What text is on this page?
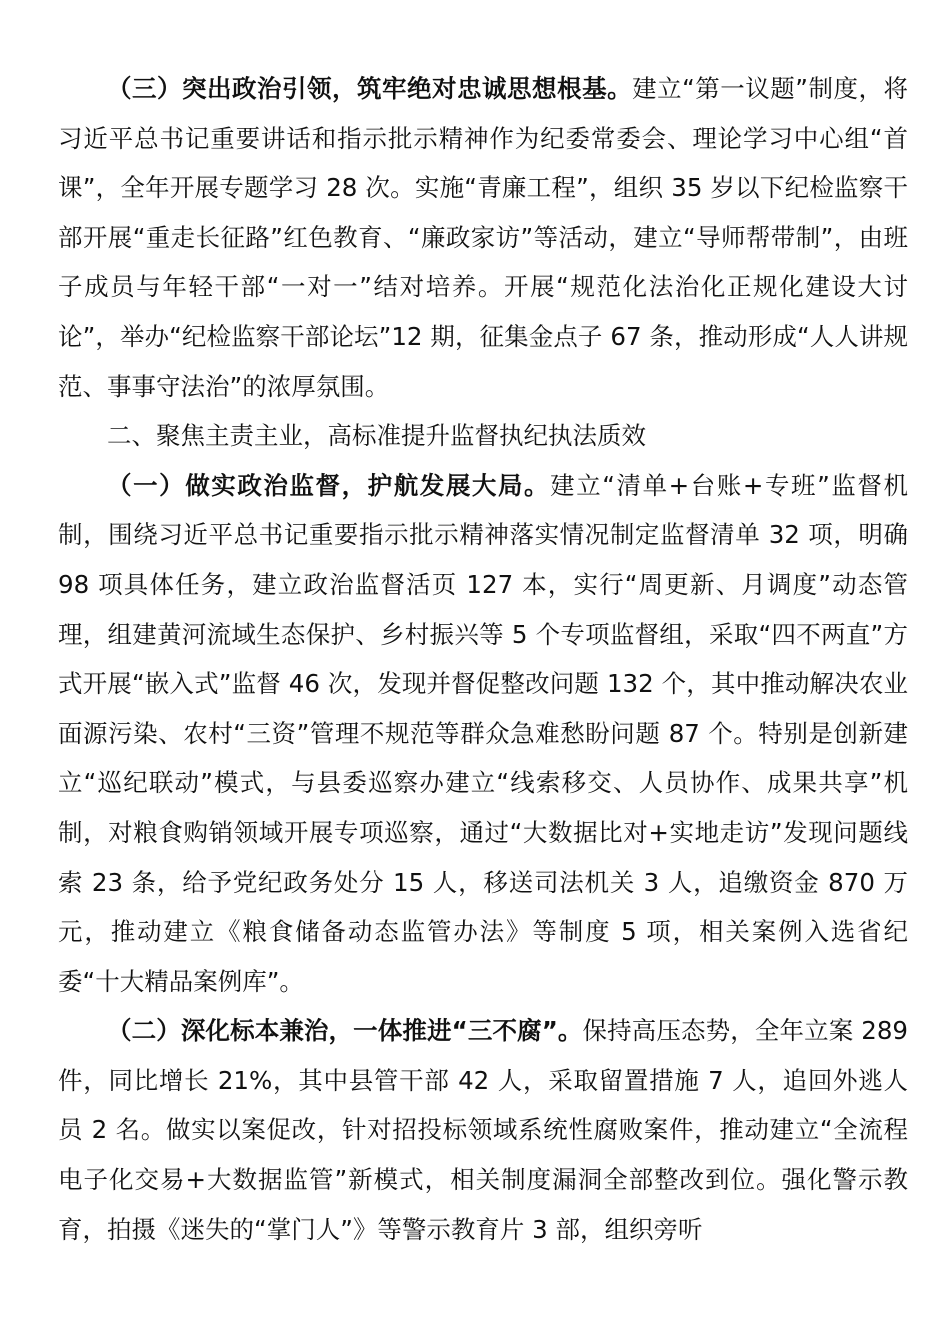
（三）突出政治引领，筑牢绝对忠诚思想根基。建立“第一议题”制度，将习近平总书记重要讲话和指示批示精神作为纪委常委会、理论学习中心组“首课”，全年开展专题学习 28 次。实施“青廉工程”，组织 35 岁以下纪检监察干部开展“重走长征路”红色教育、“廉政家访”等活动，建立“导师帮带制”，由班子成员与年轻干部“一对一”结对培养。开展“规范化法治化正规化建设大讨论”，举办“纪检监察干部论坛”12 期，征集金点子 67 条，推动形成“人人讲规范、事事守法治”的浓厚氛围。

二、聚焦主责主业，高标准提升监督执纪执法质效

（一）做实政治监督，护航发展大局。建立“清单+台账+专班”监督机制，围绕习近平总书记重要指示批示精神落实情况制定监督清单 32 项，明确 98 项具体任务，建立政治监督活页 127 本，实行“周更新、月调度”动态管理，组建黄河流域生态保护、乡村振兴等 5 个专项监督组，采取“四不两直”方式开展“嵌入式”监督 46 次，发现并督促整改问题 132 个，其中推动解决农业面源污染、农村“三资”管理不规范等群众急难愁盼问题 87 个。特别是创新建立“巡纪联动”模式，与县委巡察办建立“线索移交、人员协作、成果共享”机制，对粮食购销领域开展专项巡察，通过“大数据比对+实地走访”发现问题线索 23 条，给予党纪政务处分 15 人，移送司法机关 3 人，追缴资金 870 万元，推动建立《粮食储备动态监管办法》等制度 5 项，相关案例入选省纪委“十大精品案例库”。

（二）深化标本兼治，一体推进“三不腐”。保持高压态势，全年立案 289 件，同比增长 21%，其中县管干部 42 人，采取留置措施 7 人，追回外逃人员 2 名。做实以案促改，针对招投标领域系统性腐败案件，推动建立“全流程电子化交易+大数据监管”新模式，相关制度漏洞全部整改到位。强化警示教育，拍摄《迷失的“掌门人”》等警示教育片 3 部，组织旁听
